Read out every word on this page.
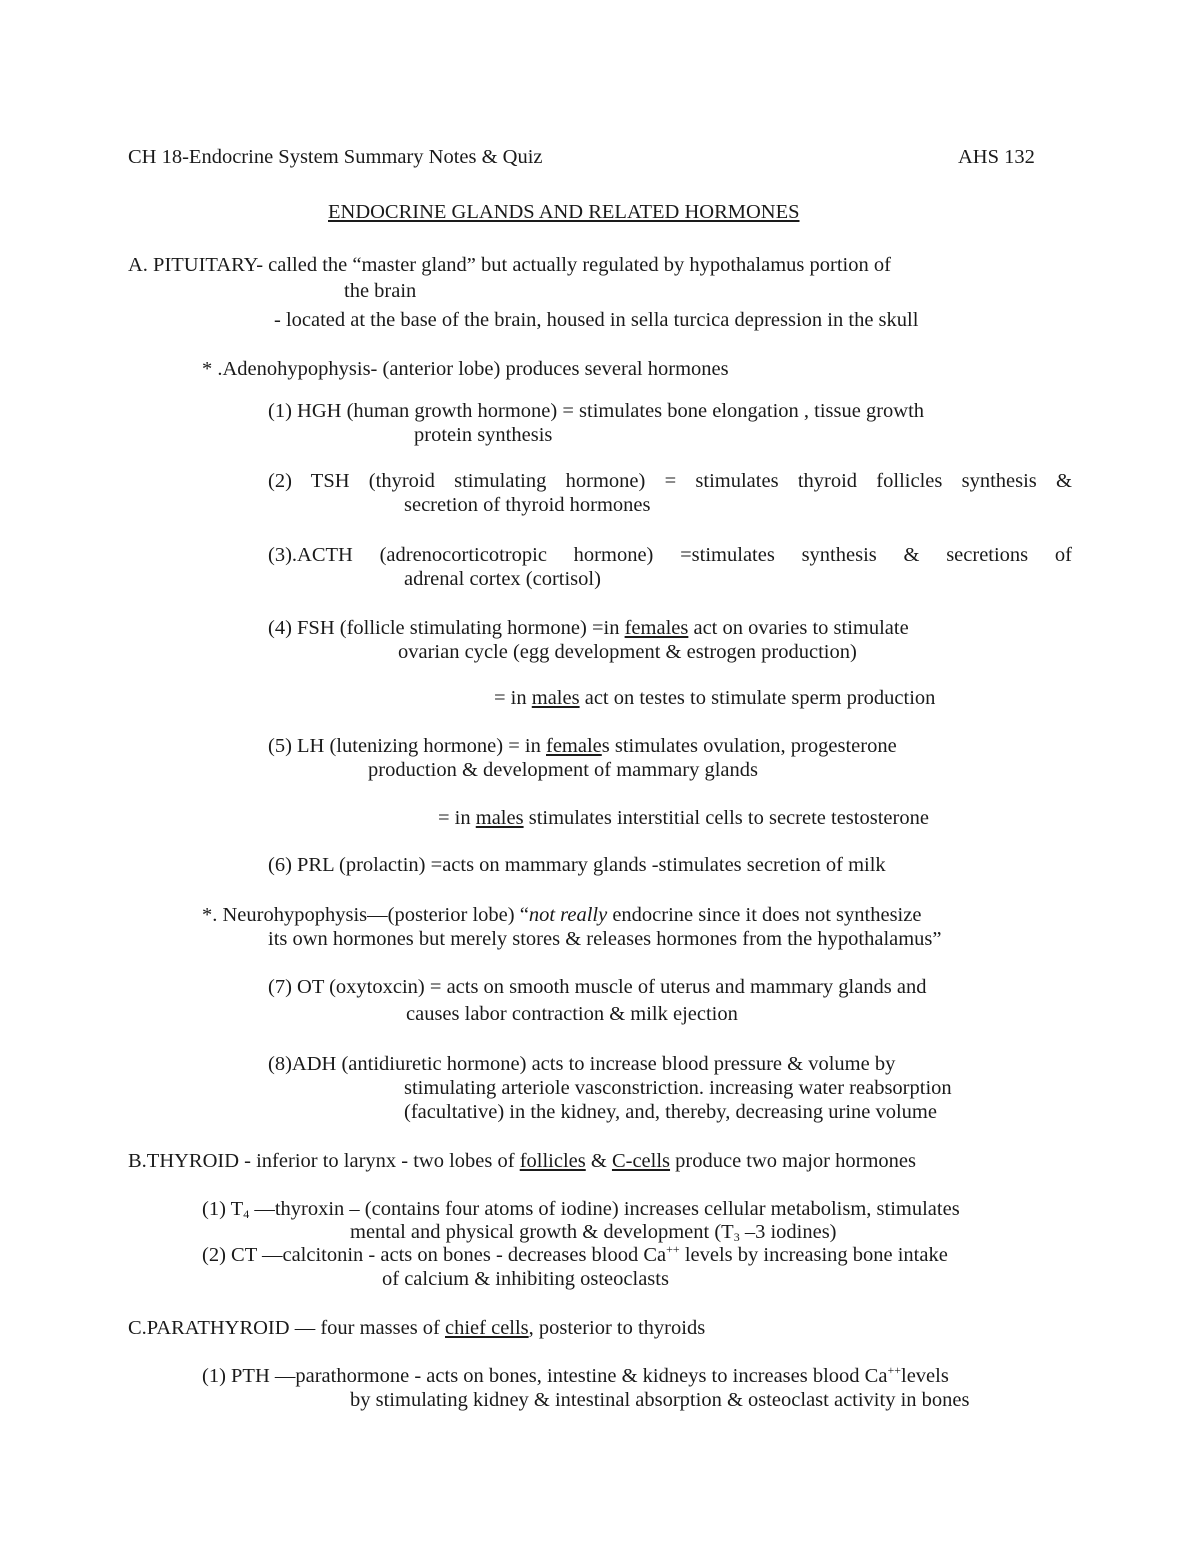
CH 18-Endocrine System Summary Notes & Quiz	AHS 132
ENDOCRINE GLANDS AND RELATED HORMONES
A. PITUITARY- called the “master gland” but actually regulated by hypothalamus portion of
the brain
- located at the base of the brain, housed in sella turcica depression in the skull
* .Adenohypophysis- (anterior lobe) produces several hormones
(1) HGH (human growth hormone) = stimulates bone elongation , tissue growth
protein synthesis
(2) TSH (thyroid stimulating hormone) = stimulates thyroid follicles synthesis &
secretion of thyroid hormones
(3).ACTH (adrenocorticotropic hormone) =stimulates synthesis & secretions of
adrenal cortex (cortisol)
(4) FSH (follicle stimulating hormone) =in females act on ovaries to stimulate
ovarian cycle (egg development & estrogen production)
= in males act on testes to stimulate sperm production
(5) LH (lutenizing hormone) = in females stimulates ovulation, progesterone
production & development of mammary glands
= in males stimulates interstitial cells to secrete testosterone
(6) PRL (prolactin) =acts on mammary glands -stimulates secretion of milk
*. Neurohypophysis—(posterior lobe) “not really endocrine since it does not synthesize
its own hormones but merely stores & releases hormones from the hypothalamus”
(7) OT (oxytoxcin) = acts on smooth muscle of uterus and mammary glands and
causes labor contraction & milk ejection
(8)ADH (antidiuretic hormone) acts to increase blood pressure & volume by
stimulating arteriole vasconstriction. increasing water reabsorption
(facultative) in the kidney, and, thereby, decreasing urine volume
B.THYROID - inferior to larynx - two lobes of follicles & C-cells produce two major hormones
(1) $T_4$ —thyroxin – (contains four atoms of iodine) increases cellular metabolism, stimulates
mental and physical growth & development ($T_3$ –3 iodines)
(2) CT —calcitonin - acts on bones - decreases blood Ca++ levels by increasing bone intake
of calcium & inhibiting osteoclasts
C.PARATHYROID — four masses of chief cells, posterior to thyroids
(1) PTH —parathormone - acts on bones, intestine & kidneys to increases blood Ca++levels
by stimulating kidney & intestinal absorption & osteoclast activity in bones
